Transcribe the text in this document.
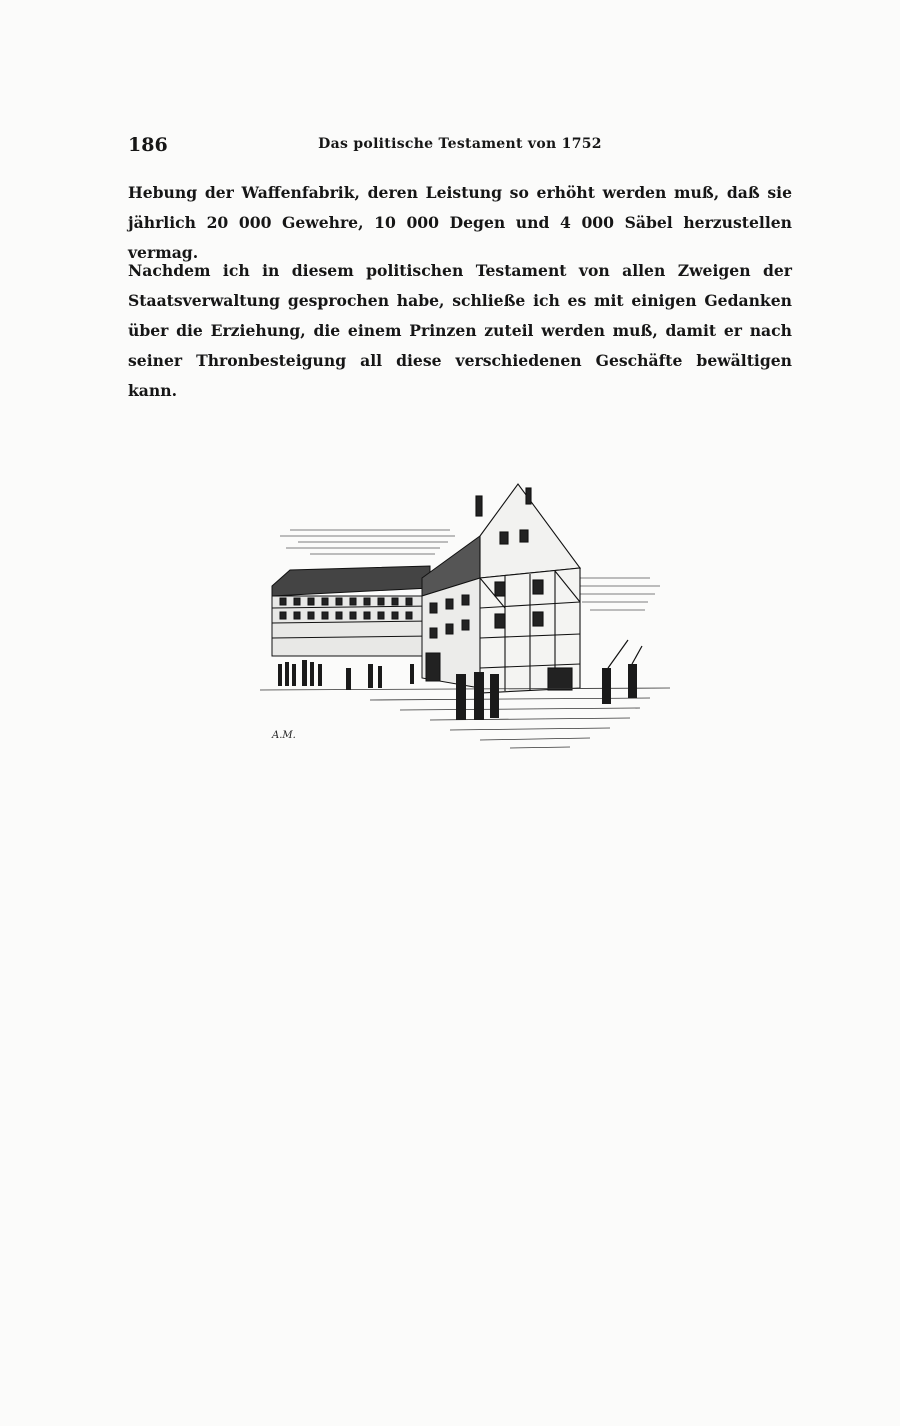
186	Das politische Testament von 1752

Hebung der Waffenfabrik, deren Leistung so erhöht werden muß, daß sie jährlich 20 000 Gewehre, 10 000 Degen und 4 000 Säbel herzustellen vermag.

Nachdem ich in diesem politischen Testament von allen Zweigen der Staatsverwaltung gesprochen habe, schließe ich es mit einigen Gedanken über die Erziehung, die einem Prinzen zuteil werden muß, damit er nach seiner Thronbesteigung all diese verschiedenen Geschäfte bewältigen kann.

A.M.
